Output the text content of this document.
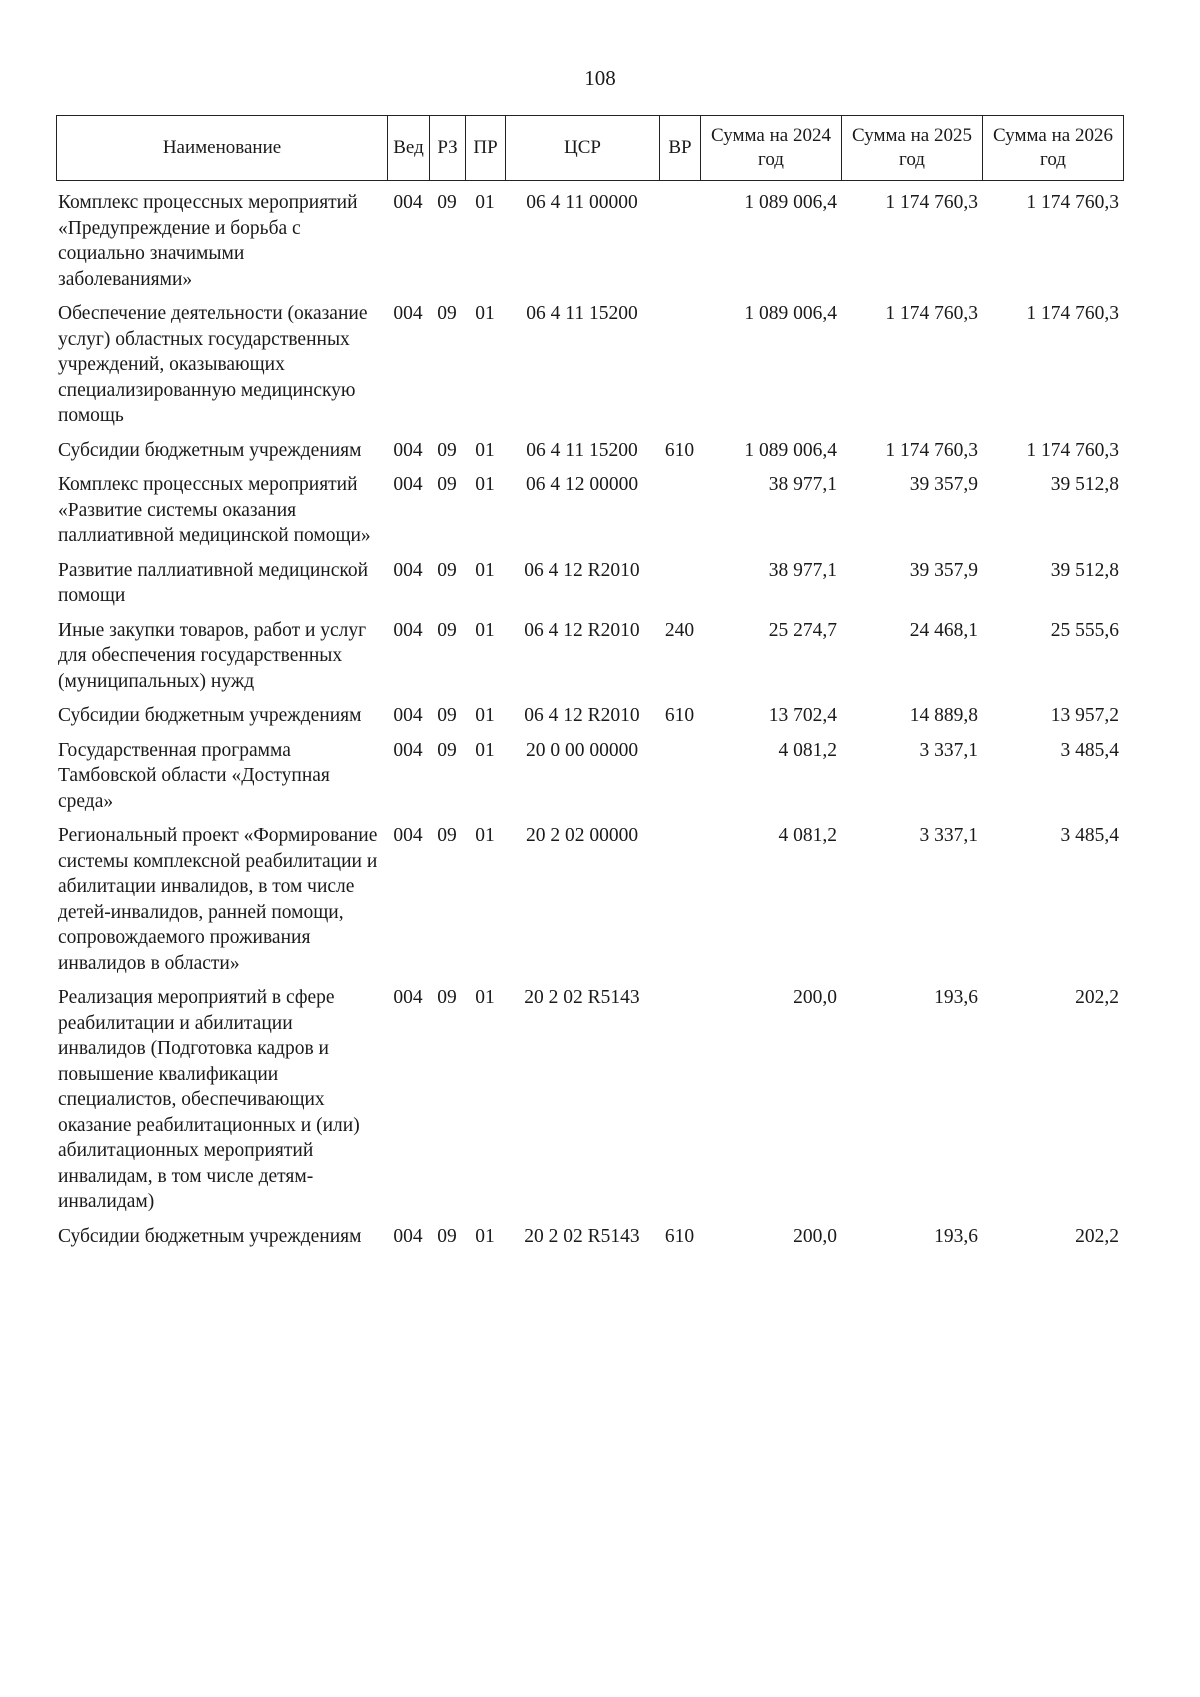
108
Наименование	Вед	РЗ	ПР	ЦСР	ВР	Сумма на 2024 год	Сумма на 2025 год	Сумма на 2026 год
Комплекс процессных мероприятий «Предупреждение и борьба с социально значимыми заболеваниями»	004	09	01	06 4 11 00000		1 089 006,4	1 174 760,3	1 174 760,3
Обеспечение деятельности (оказание услуг) областных государственных учреждений, оказывающих специализированную медицинскую помощь	004	09	01	06 4 11 15200		1 089 006,4	1 174 760,3	1 174 760,3
Субсидии бюджетным учреждениям	004	09	01	06 4 11 15200	610	1 089 006,4	1 174 760,3	1 174 760,3
Комплекс процессных мероприятий «Развитие системы оказания паллиативной медицинской помощи»	004	09	01	06 4 12 00000		38 977,1	39 357,9	39 512,8
Развитие паллиативной медицинской помощи	004	09	01	06 4 12 R2010		38 977,1	39 357,9	39 512,8
Иные закупки товаров, работ и услуг для обеспечения государственных (муниципальных) нужд	004	09	01	06 4 12 R2010	240	25 274,7	24 468,1	25 555,6
Субсидии бюджетным учреждениям	004	09	01	06 4 12 R2010	610	13 702,4	14 889,8	13 957,2
Государственная программа Тамбовской области «Доступная среда»	004	09	01	20 0 00 00000		4 081,2	3 337,1	3 485,4
Региональный проект «Формирование системы комплексной реабилитации и абилитации инвалидов, в том числе детей-инвалидов, ранней помощи, сопровождаемого проживания инвалидов в области»	004	09	01	20 2 02 00000		4 081,2	3 337,1	3 485,4
Реализация мероприятий в сфере реабилитации и абилитации инвалидов (Подготовка кадров и повышение квалификации специалистов, обеспечивающих оказание реабилитационных и (или) абилитационных мероприятий инвалидам, в том числе детям-инвалидам)	004	09	01	20 2 02 R5143		200,0	193,6	202,2
Субсидии бюджетным учреждениям	004	09	01	20 2 02 R5143	610	200,0	193,6	202,2
